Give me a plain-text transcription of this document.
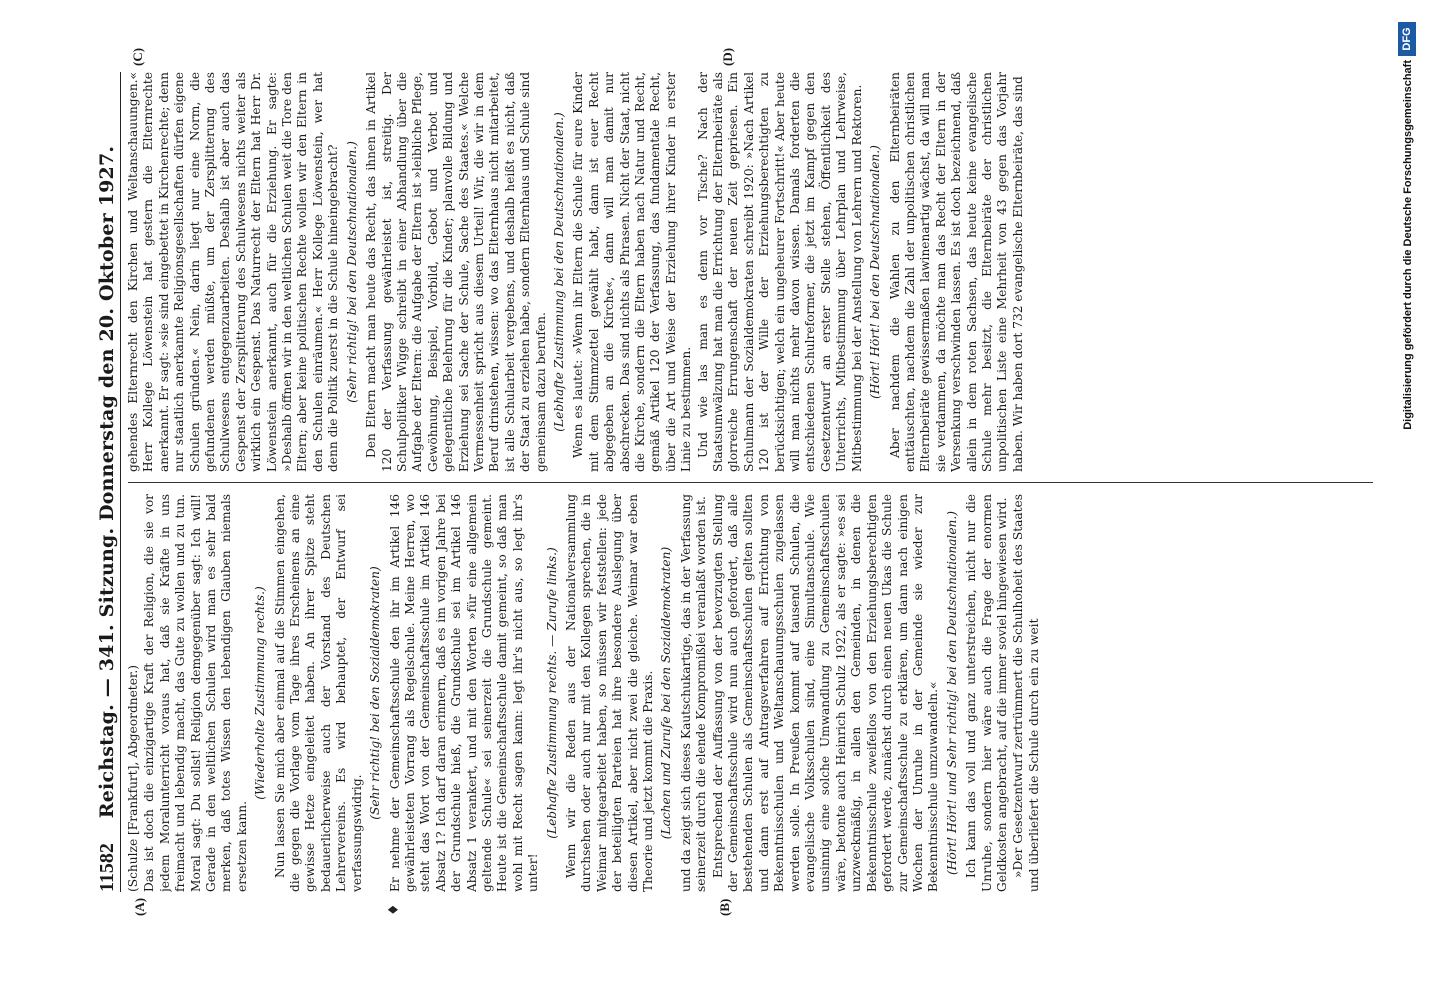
11582
Reichstag. — 341. Sitzung. Donnerstag den 20. Oktober 1927.
(A)	(B)
(C)	(D)
♦

(Schulze [Frankfurt], Abgeordneter.) Das ist doch die einzigartige Kraft der Religion, die sie vor jedem Moralunterricht voraus hat, daß sie Kräfte in uns freimacht und lebendig macht, das Gute zu wollen und zu tun. Moral sagt: Du sollst! Religion demgegenüber sagt: Ich will! Gerade in den weltlichen Schulen wird man es sehr bald merken, daß totes Wissen den lebendigen Glauben niemals ersetzen kann.

(Wiederholte Zustimmung rechts.) Nun lassen Sie mich aber einmal auf die Stimmen eingehen, die gegen die Vorlage vom Tage ihres Erscheinens an eine gewisse Hetze eingeleitet haben. An ihrer Spitze steht bedauerlicherweise auch der Vorstand des Deutschen Lehrervereins. Es wird behauptet, der Entwurf sei verfassungswidrig.

(Sehr richtig! bei den Sozialdemokraten) Er nehme der Gemeinschaftsschule den ihr im Artikel 146 gewährleisteten Vorrang als Regelschule. Meine Herren, wo steht das Wort von der Gemeinschaftsschule im Artikel 146 Absatz 1? Ich darf daran erinnern, daß es im vorigen Jahre bei der Grundschule hieß, die Grundschule sei im Artikel 146 Absatz 1 verankert, und mit den Worten »für eine allgemein geltende Schule« sei seinerzeit die Grundschule gemeint. Heute ist die Gemeinschaftsschule damit gemeint, so daß man wohl mit Recht sagen kann: legt ihr's nicht aus, so legt ihr's unter!

(Lebhafte Zustimmung rechts. — Zurufe links.) Wenn wir die Reden aus der Nationalversammlung durchsehen oder auch nur mit den Kollegen sprechen, die in Weimar mitgearbeitet haben, so müssen wir feststellen: jede der beteiligten Parteien hat ihre besondere Auslegung über diesen Artikel, aber nicht zwei die gleiche. Weimar war eben Theorie und jetzt kommt die Praxis. (Lachen und Zurufe bei den Sozialdemokraten) und da zeigt sich dieses Kautschukartige, das in der Verfassung seinerzeit durch die elende Kompromißlei veranlaßt worden ist. Entsprechend der Auffassung von der bevorzugten Stellung der Gemeinschaftsschule wird nun auch gefordert, daß alle bestehenden Schulen als Gemeinschaftsschulen gelten sollten und dann erst auf Antragsverfahren auf Errichtung von Bekenntnisschulen und Weltanschauungsschulen zugelassen werden solle. In Preußen kommt auf tausend Schulen, die evangelische Volksschulen sind, eine Simultanschule. Wie unsinnig eine solche Umwandlung zu Gemeinschaftsschulen wäre, betonte auch Heinrich Schulz 1922, als er sagte: »es sei unzweckmäßig, in allen den Gemeinden, in denen die Bekenntnisschule zweifellos von den Erziehungsberechtigten gefordert werde, zunächst durch einen neuen Ukas die Schule zur Gemeinschaftsschule zu erklären, um dann nach einigen Wochen der Unruhe in der Gemeinde sie wieder zur Bekenntnisschule umzuwandeln.« (Hört! Hört! und Sehr richtig! bei den Deutschnationalen.) Ich kann das voll und ganz unterstreichen, nicht nur die Unruhe, sondern hier wäre auch die Frage der enormen Geldkosten angebracht, auf die immer soviel hingewiesen wird. »Der Gesetzentwurf zertrümmert die Schulhoheit des Staates und überliefert die Schule durch ein zu weit

gehendes Elternrecht den Kirchen und Weltanschauungen.« Herr Kollege Löwenstein hat gestern die Elternrechte anerkannt. Er sagt: »sie sind eingebettet in Kirchenrechte; denn nur staatlich anerkannte Religionsgesellschaften dürfen eigene Schulen gründen.« Nein, darin liegt nur eine Norm, die gefundenen werden müßte, um der Zersplitterung des Schulwesens entgegenzuarbeiten. Deshalb ist aber auch das Gespenst der Zersplitterung des Schulwesens nichts weiter als wirklich ein Gespenst. Das Naturrecht der Eltern hat Herr Dr. Löwenstein anerkannt, auch für die Erziehung. Er sagte: »Deshalb öffnen wir in den weltlichen Schulen weit die Tore den Eltern; aber keine politischen Rechte wollen wir den Eltern in den Schulen einräumen.« Herr Kollege Löwenstein, wer hat denn die Politik zuerst in die Schule hineingebracht? (Sehr richtig! bei den Deutschnationalen.) Den Eltern macht man heute das Recht, das ihnen in Artikel 120 der Verfassung gewährleistet ist, streitig. Der Schulpolitiker Wigge schreibt in einer Abhandlung über die Aufgabe der Eltern: die Aufgabe der Eltern ist »leibliche Pflege, Gewöhnung, Beispiel, Vorbild, Gebot und Verbot und gelegentliche Belehrung für die Kinder; planvolle Bildung und Erziehung sei Sache der Schule, Sache des Staates.« Welche Vermessenheit spricht aus diesem Urteil! Wir, die wir in dem Beruf drinstehen, wissen: wo das Elternhaus nicht mitarbeitet, ist alle Schularbeit vergebens, und deshalb heißt es nicht, daß der Staat zu erziehen habe, sondern Elternhaus und Schule sind gemeinsam dazu berufen. (Lebhafte Zustimmung bei den Deutschnationalen.) Wenn es lautet: »Wenn ihr Eltern die Schule für eure Kinder mit dem Stimmzettel gewählt habt, dann ist euer Recht abgegeben an die Kirche«, dann will man damit nur abschrecken. Das sind nichts als Phrasen. Nicht der Staat, nicht die Kirche, sondern die Eltern haben nach Natur und Recht, gemäß Artikel 120 der Verfassung, das fundamentale Recht, über die Art und Weise der Erziehung ihrer Kinder in erster Linie zu bestimmen. Und wie las man es denn vor Tische? Nach der Staatsumwälzung hat man die Errichtung der Elternbeiräte als glorreiche Errungenschaft der neuen Zeit gepriesen. Ein Schulmann der Sozialdemokraten schreibt 1920: »Nach Artikel 120 ist der Wille der Erziehungsberechtigten zu berücksichtigen; welch ein ungeheurer Fortschritt!« Aber heute will man nichts mehr davon wissen. Damals forderten die entschiedenen Schulreformer, die jetzt im Kampf gegen den Gesetzentwurf an erster Stelle stehen, Öffentlichkeit des Unterrichts, Mitbestimmung über Lehrplan und Lehrweise, Mitbestimmung bei der Anstellung von Lehrern und Rektoren. (Hört! Hört! bei den Deutschnationalen.) Aber nachdem die Wahlen zu den Elternbeiräten enttäuschten, nachdem die Zahl der unpolitischen christlichen Elternbeiräte gewissermaßen lawinenartig wächst, da will man sie verdammen, da möchte man das Recht der Eltern in der Versenkung verschwinden lassen. Es ist doch bezeichnend, daß allein in dem roten Sachsen, das heute keine evangelische Schule mehr besitzt, die Elternbeiräte der christlichen unpolitischen Liste eine Mehrheit von 43 gegen das Vorjahr haben. Wir haben dort 732 evangelische Elternbeiräte, das sind	Digitalisierung gefördert durch die Deutsche Forschungsgemeinschaft
DFG
